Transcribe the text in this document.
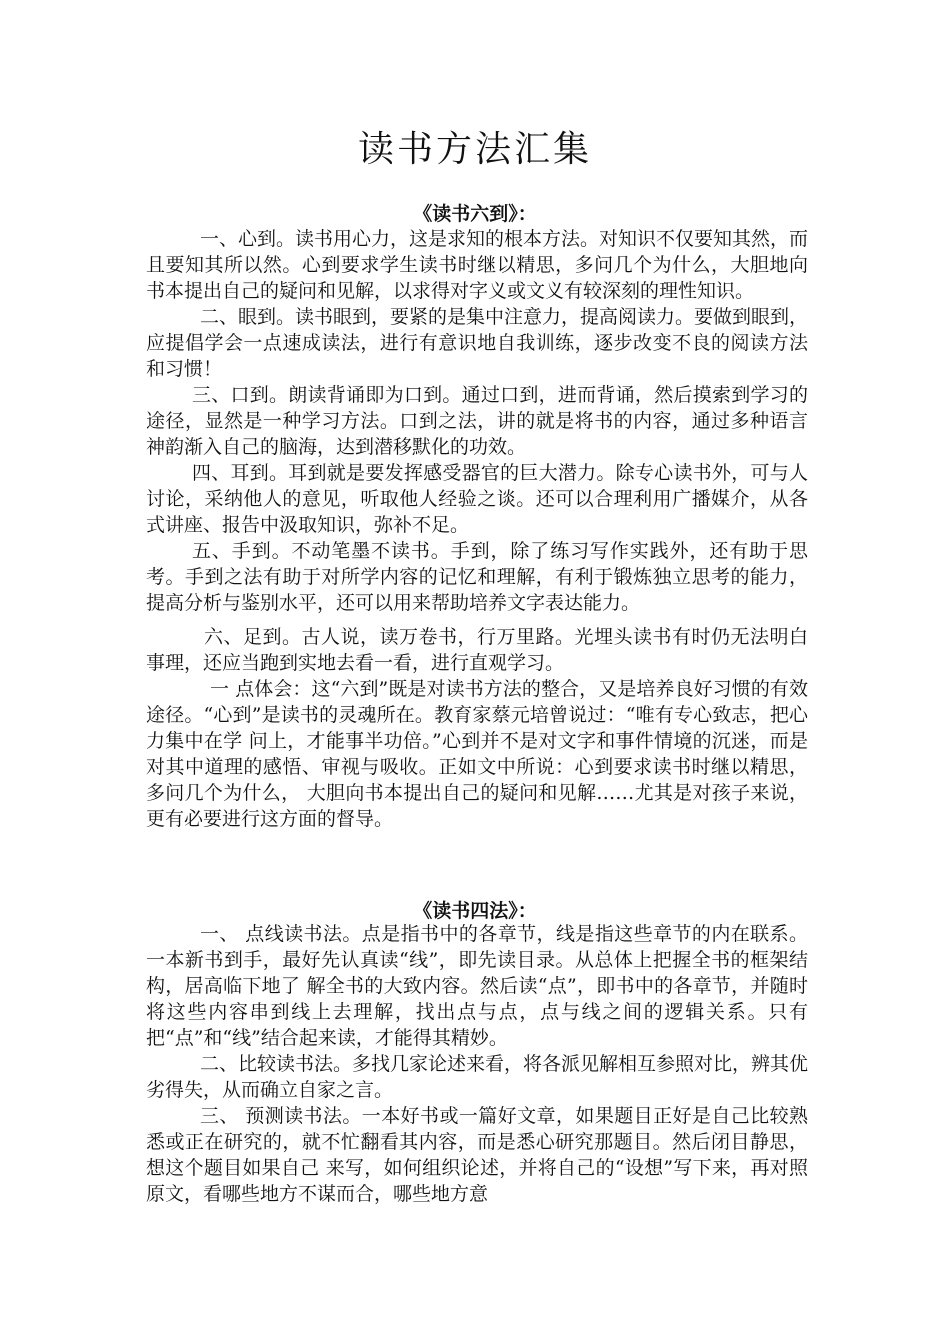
读书方法汇集
《读书六到》：

一、心到。读书用心力，这是求知的根本方法。对知识不仅要知其然，而且要知其所以然。心到要求学生读书时继以精思，多问几个为什么，大胆地向书本提出自己的疑问和见解，以求得对字义或文义有较深刻的理性知识。

二、眼到。读书眼到，要紧的是集中注意力，提高阅读力。要做到眼到，应提倡学会一点速成读法，进行有意识地自我训练，逐步改变不良的阅读方法和习惯！

三、口到。朗读背诵即为口到。通过口到，进而背诵，然后摸索到学习的途径，显然是一种学习方法。口到之法，讲的就是将书的内容，通过多种语言神韵渐入自己的脑海，达到潜移默化的功效。

四、耳到。耳到就是要发挥感受器官的巨大潜力。除专心读书外，可与人讨论，采纳他人的意见，听取他人经验之谈。还可以合理利用广播媒介，从各式讲座、报告中汲取知识，弥补不足。

五、手到。不动笔墨不读书。手到，除了练习写作实践外，还有助于思考。手到之法有助于对所学内容的记忆和理解，有利于锻炼独立思考的能力，提高分析与鉴别水平，还可以用来帮助培养文字表达能力。

六、足到。古人说，读万卷书，行万里路。光埋头读书有时仍无法明白事理，还应当跑到实地去看一看，进行直观学习。

一 点体会：这“六到”既是对读书方法的整合，又是培养良好习惯的有效途径。“心到”是读书的灵魂所在。教育家蔡元培曾说过：“唯有专心致志，把心力集中在学 问上，才能事半功倍。”心到并不是对文字和事件情境的沉迷，而是对其中道理的感悟、审视与吸收。正如文中所说：心到要求读书时继以精思，多问几个为什么， 大胆向书本提出自己的疑问和见解……尤其是对孩子来说，更有必要进行这方面的督导。

《读书四法》：

一、 点线读书法。点是指书中的各章节，线是指这些章节的内在联系。一本新书到手，最好先认真读“线”，即先读目录。从总体上把握全书的框架结构，居高临下地了 解全书的大致内容。然后读“点”，即书中的各章节，并随时将这些内容串到线上去理解，找出点与点，点与线之间的逻辑关系。只有把“点”和“线”结合起来读，才能得其精妙。

二、比较读书法。多找几家论述来看，将各派见解相互参照对比，辨其优劣得失，从而确立自家之言。

三、 预测读书法。一本好书或一篇好文章，如果题目正好是自己比较熟悉或正在研究的，就不忙翻看其内容，而是悉心研究那题目。然后闭目静思，想这个题目如果自己 来写，如何组织论述，并将自己的“设想”写下来，再对照原文，看哪些地方不谋而合，哪些地方意
